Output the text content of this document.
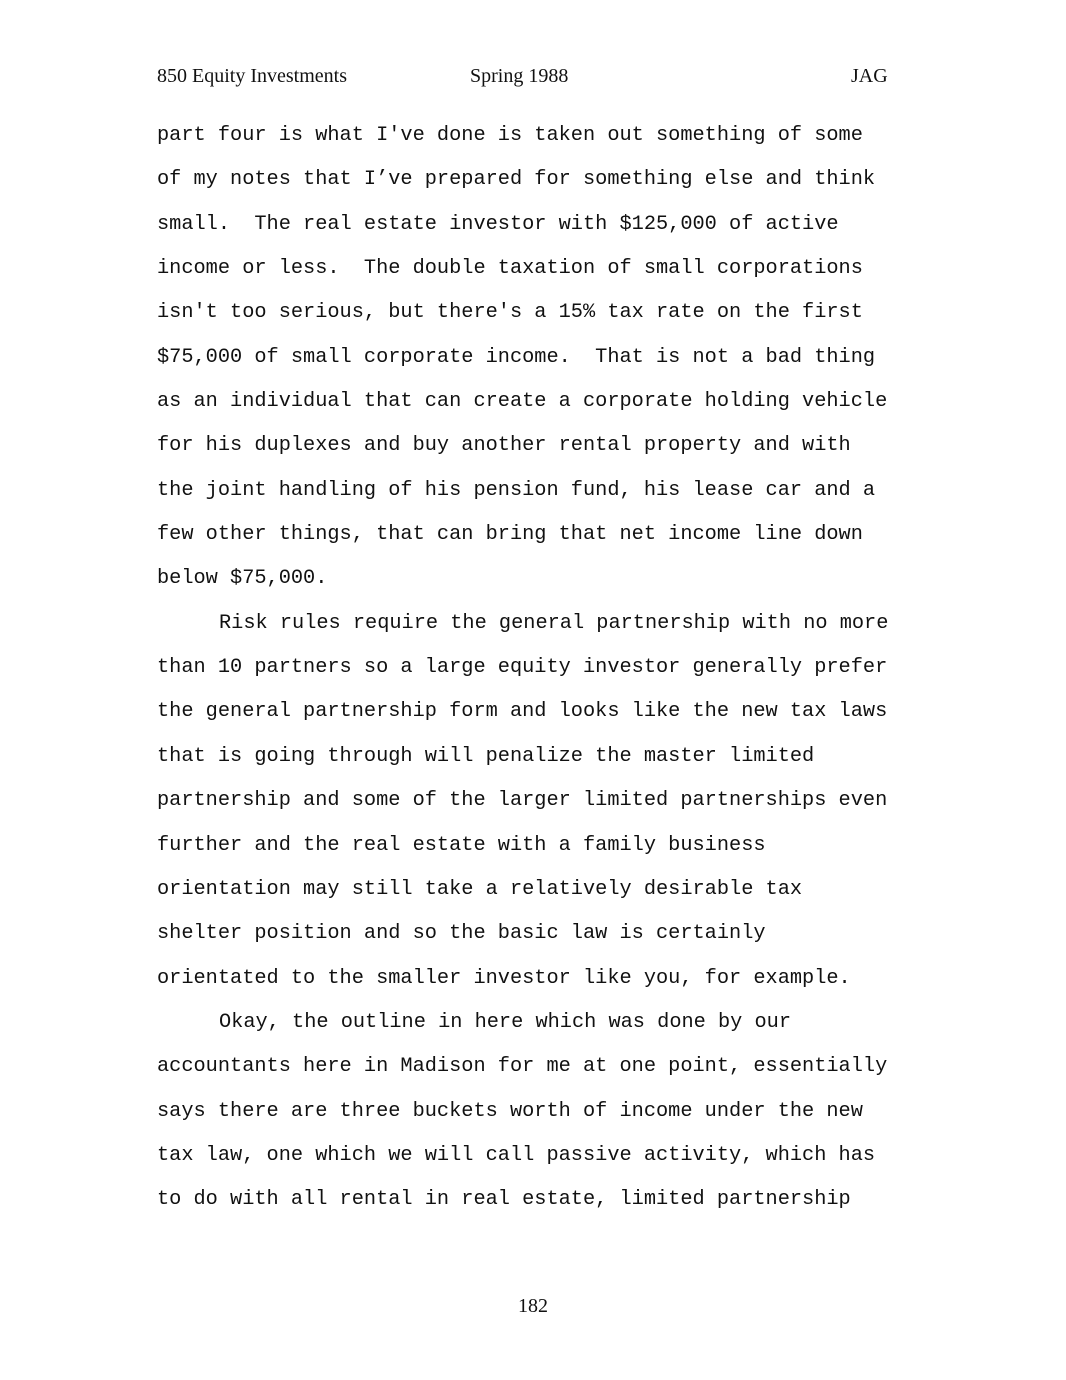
850 Equity Investments	Spring 1988	JAG
part four is what I've done is taken out something of some
of my notes that I’ve prepared for something else and think
small.  The real estate investor with $125,000 of active
income or less.  The double taxation of small corporations
isn't too serious, but there's a 15% tax rate on the first
$75,000 of small corporate income.  That is not a bad thing
as an individual that can create a corporate holding vehicle
for his duplexes and buy another rental property and with
the joint handling of his pension fund, his lease car and a
few other things, that can bring that net income line down
below $75,000.
Risk rules require the general partnership with no more
than 10 partners so a large equity investor generally prefer
the general partnership form and looks like the new tax laws
that is going through will penalize the master limited
partnership and some of the larger limited partnerships even
further and the real estate with a family business
orientation may still take a relatively desirable tax
shelter position and so the basic law is certainly
orientated to the smaller investor like you, for example.
Okay, the outline in here which was done by our
accountants here in Madison for me at one point, essentially
says there are three buckets worth of income under the new
tax law, one which we will call passive activity, which has
to do with all rental in real estate, limited partnership
182
